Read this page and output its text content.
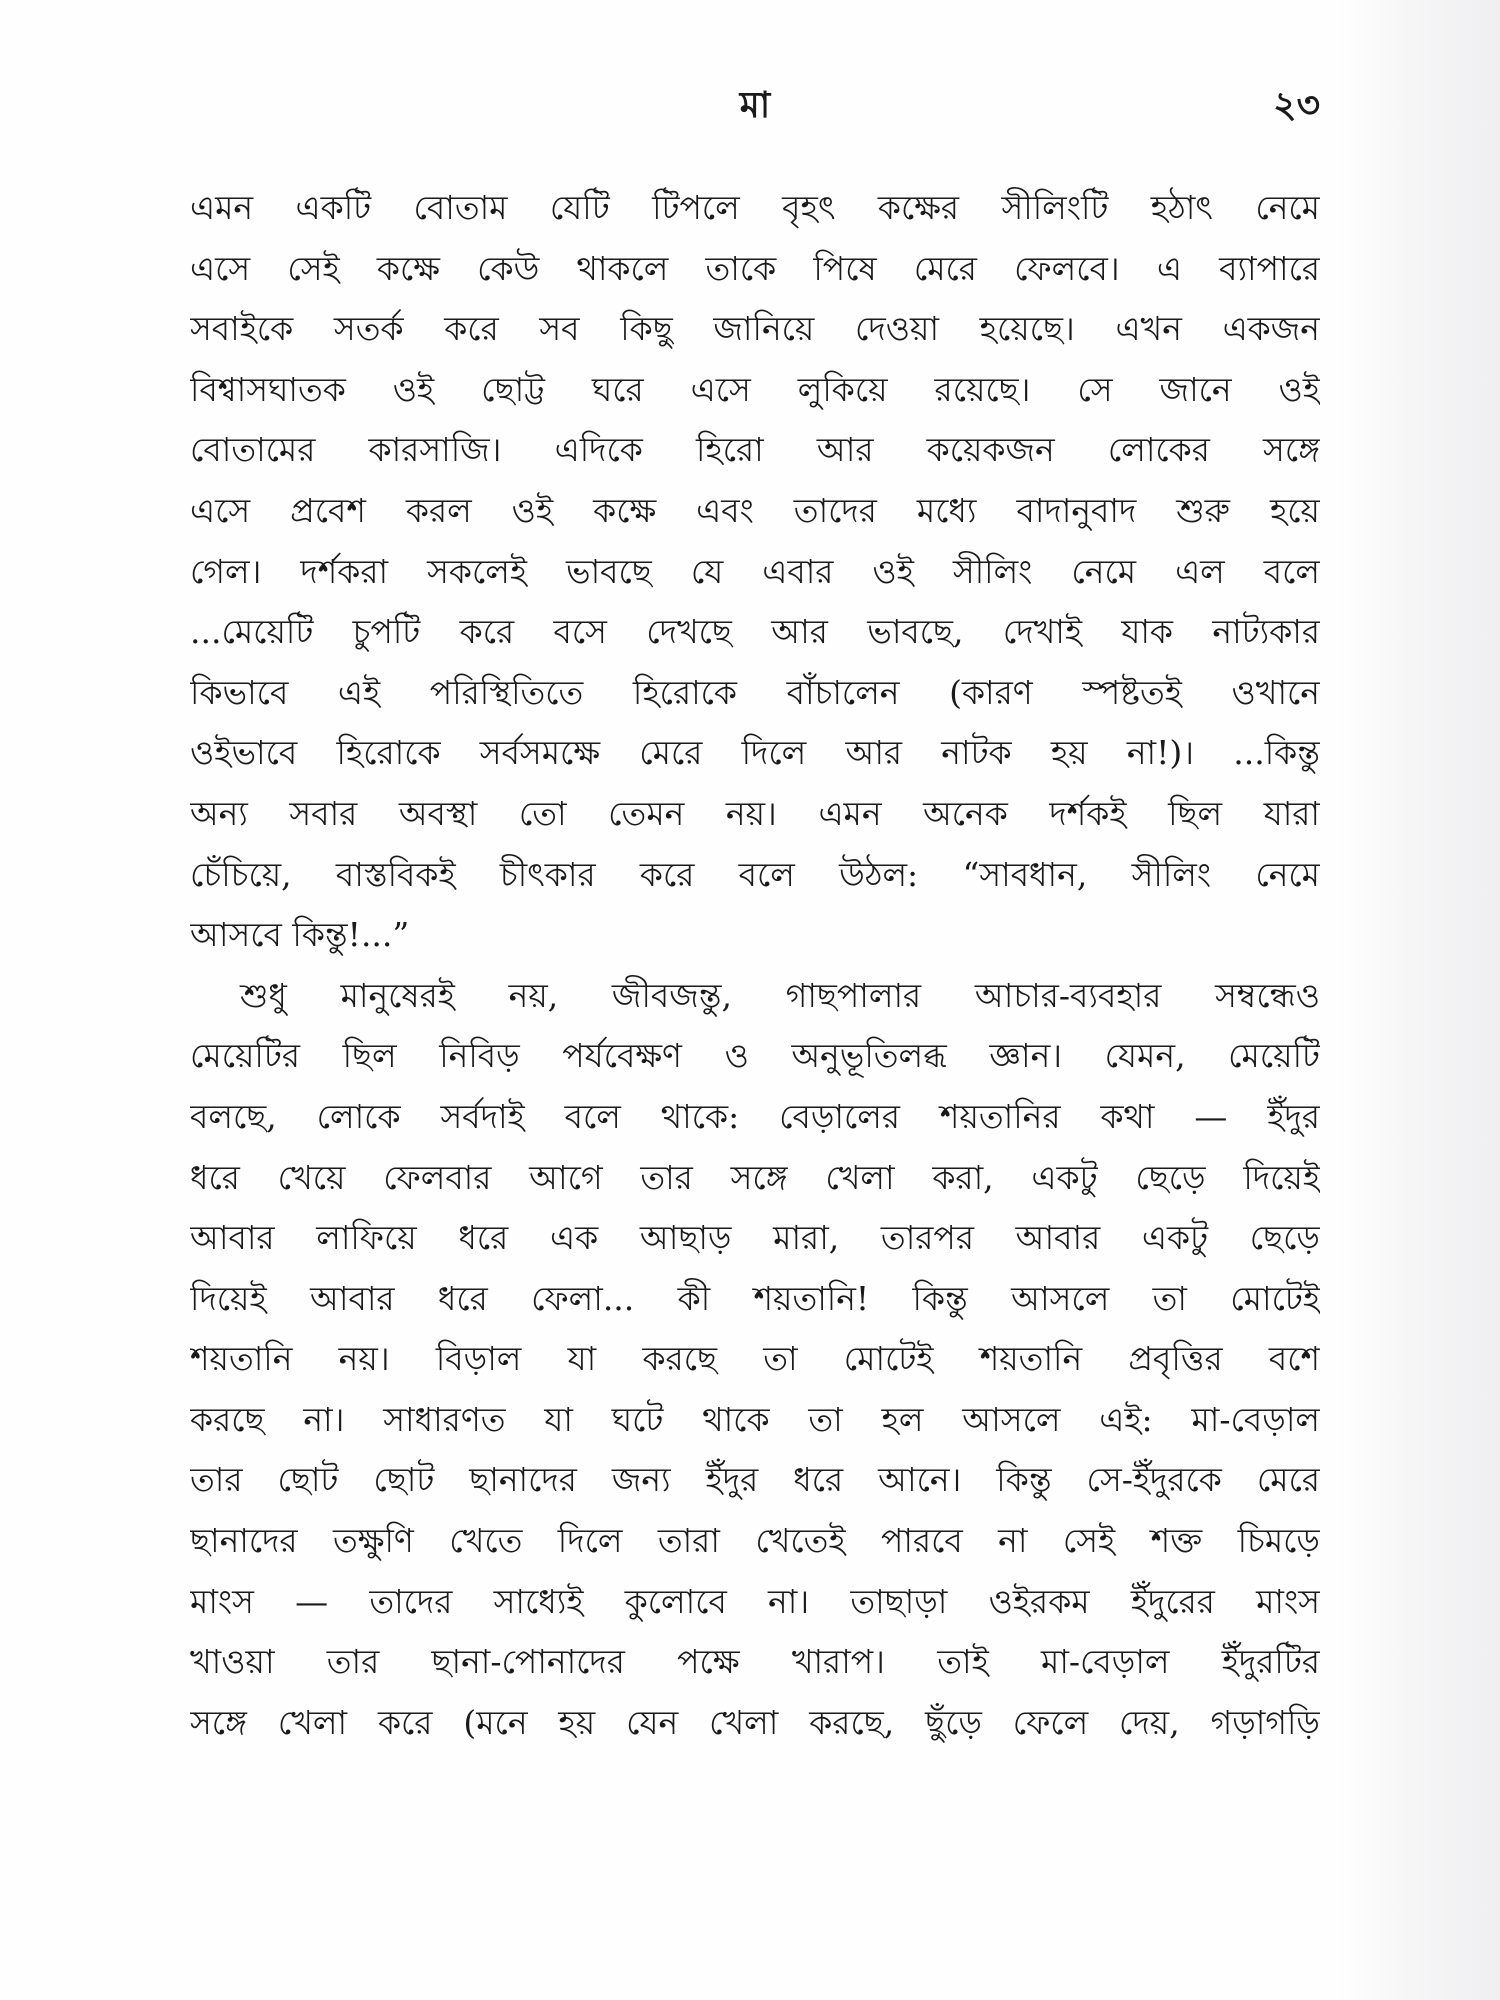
মা	২৩
এমন একটি বোতাম যেটি টিপলে বৃহৎ কক্ষের সীলিংটি হঠাৎ নেমে
এসে সেই কক্ষে কেউ থাকলে তাকে পিষে মেরে ফেলবে। এ ব্যাপারে
সবাইকে সতর্ক করে সব কিছু জানিয়ে দেওয়া হয়েছে। এখন একজন
বিশ্বাসঘাতক ওই ছোট্ট ঘরে এসে লুকিয়ে রয়েছে। সে জানে ওই
বোতামের কারসাজি। এদিকে হিরো আর কয়েকজন লোকের সঙ্গে
এসে প্রবেশ করল ওই কক্ষে এবং তাদের মধ্যে বাদানুবাদ শুরু হয়ে
গেল। দর্শকরা সকলেই ভাবছে যে এবার ওই সীলিং নেমে এল বলে
...মেয়েটি চুপটি করে বসে দেখছে আর ভাবছে, দেখাই যাক নাট্যকার
কিভাবে এই পরিস্থিতিতে হিরোকে বাঁচালেন (কারণ স্পষ্টতই ওখানে
ওইভাবে হিরোকে সর্বসমক্ষে মেরে দিলে আর নাটক হয় না!)। ...কিন্তু
অন্য সবার অবস্থা তো তেমন নয়। এমন অনেক দর্শকই ছিল যারা
চেঁচিয়ে, বাস্তবিকই চীৎকার করে বলে উঠল: “সাবধান, সীলিং নেমে
আসবে কিন্তু!...”
শুধু মানুষেরই নয়, জীবজন্তু, গাছপালার আচার-ব্যবহার সম্বন্ধেও
মেয়েটির ছিল নিবিড় পর্যবেক্ষণ ও অনুভূতিলব্ধ জ্ঞান। যেমন, মেয়েটি
বলছে, লোকে সর্বদাই বলে থাকে: বেড়ালের শয়তানির কথা — ইঁদুর
ধরে খেয়ে ফেলবার আগে তার সঙ্গে খেলা করা, একটু ছেড়ে দিয়েই
আবার লাফিয়ে ধরে এক আছাড় মারা, তারপর আবার একটু ছেড়ে
দিয়েই আবার ধরে ফেলা... কী শয়তানি! কিন্তু আসলে তা মোটেই
শয়তানি নয়। বিড়াল যা করছে তা মোটেই শয়তানি প্রবৃত্তির বশে
করছে না। সাধারণত যা ঘটে থাকে তা হল আসলে এই: মা-বেড়াল
তার ছোট ছোট ছানাদের জন্য ইঁদুর ধরে আনে। কিন্তু সে-ইঁদুরকে মেরে
ছানাদের তক্ষুণি খেতে দিলে তারা খেতেই পারবে না সেই শক্ত চিমড়ে
মাংস — তাদের সাধ্যেই কুলোবে না। তাছাড়া ওইরকম ইঁদুরের মাংস
খাওয়া তার ছানা-পোনাদের পক্ষে খারাপ। তাই মা-বেড়াল ইঁদুরটির
সঙ্গে খেলা করে (মনে হয় যেন খেলা করছে, ছুঁড়ে ফেলে দেয়, গড়াগড়ি
